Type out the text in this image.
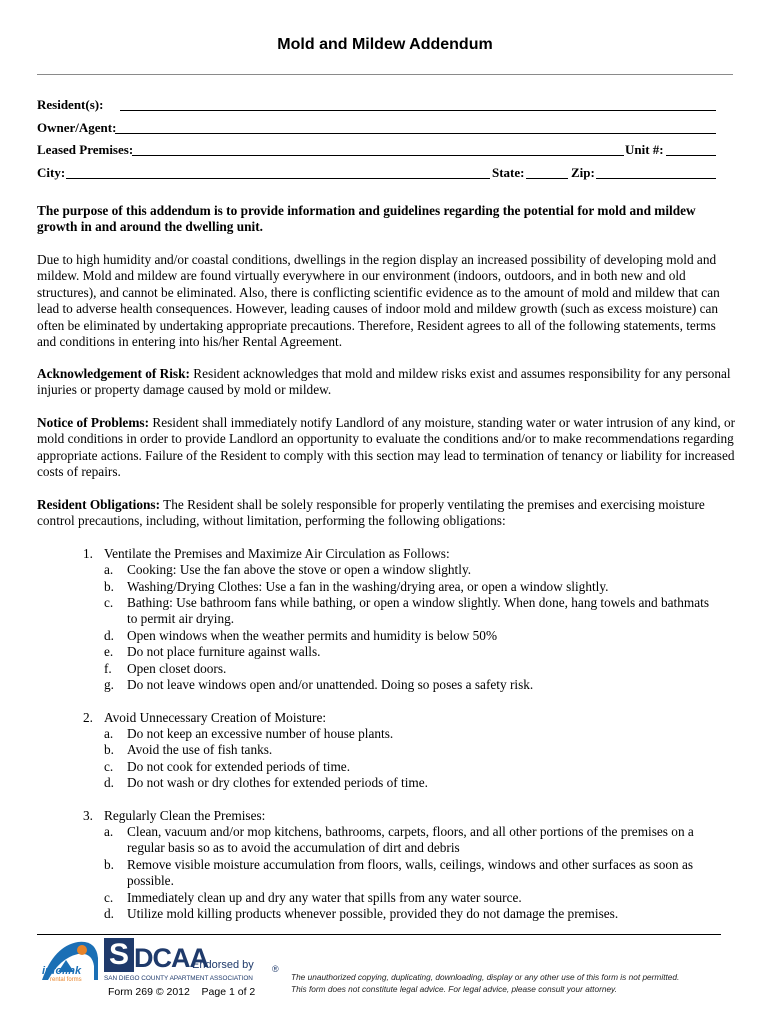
Mold and Mildew Addendum
Resident(s):
Owner/Agent:
Leased Premises:	Unit #:
City:	State:	Zip:
The purpose of this addendum is to provide information and guidelines regarding the potential for mold and mildew growth in and around the dwelling unit.
Due to high humidity and/or coastal conditions, dwellings in the region display an increased possibility of developing mold and mildew. Mold and mildew are found virtually everywhere in our environment (indoors, outdoors, and in both new and old structures), and cannot be eliminated. Also, there is conflicting scientific evidence as to the amount of mold and mildew that can lead to adverse health consequences. However, leading causes of indoor mold and mildew growth (such as excess moisture) can often be eliminated by undertaking appropriate precautions. Therefore, Resident agrees to all of the following statements, terms and conditions in entering into his/her Rental Agreement.
Acknowledgement of Risk: Resident acknowledges that mold and mildew risks exist and assumes responsibility for any personal injuries or property damage caused by mold or mildew.
Notice of Problems: Resident shall immediately notify Landlord of any moisture, standing water or water intrusion of any kind, or mold conditions in order to provide Landlord an opportunity to evaluate the conditions and/or to make recommendations regarding appropriate actions. Failure of the Resident to comply with this section may lead to termination of tenancy or liability for increased costs of repairs.
Resident Obligations: The Resident shall be solely responsible for properly ventilating the premises and exercising moisture control precautions, including, without limitation, performing the following obligations:
1. Ventilate the Premises and Maximize Air Circulation as Follows:
a. Cooking: Use the fan above the stove or open a window slightly.
b. Washing/Drying Clothes: Use a fan in the washing/drying area, or open a window slightly.
c. Bathing: Use bathroom fans while bathing, or open a window slightly. When done, hang towels and bathmats
to permit air drying.
d. Open windows when the weather permits and humidity is below 50%
e. Do not place furniture against walls.
f. Open closet doors.
g. Do not leave windows open and/or unattended. Doing so poses a safety risk.
2. Avoid Unnecessary Creation of Moisture:
a. Do not keep an excessive number of house plants.
b. Avoid the use of fish tanks.
c. Do not cook for extended periods of time.
d. Do not wash or dry clothes for extended periods of time.
3. Regularly Clean the Premises:
a. Clean, vacuum and/or mop kitchens, bathrooms, carpets, floors, and all other portions of the premises on a
regular basis so as to avoid the accumulation of dirt and debris
b. Remove visible moisture accumulation from floors, walls, ceilings, windows and other surfaces as soon as
possible.
c. Immediately clean up and dry any water that spills from any water source.
d. Utilize mold killing products whenever possible, provided they do not damage the premises.
infolink
rental forms
S DCAA
Endorsed by
SAN DIEGO COUNTY APARTMENT ASSOCIATION
®
Form 269 © 2012    Page 1 of 2
The unauthorized copying, duplicating, downloading, display or any other use of this form is not permitted.
This form does not constitute legal advice. For legal advice, please consult your attorney.
